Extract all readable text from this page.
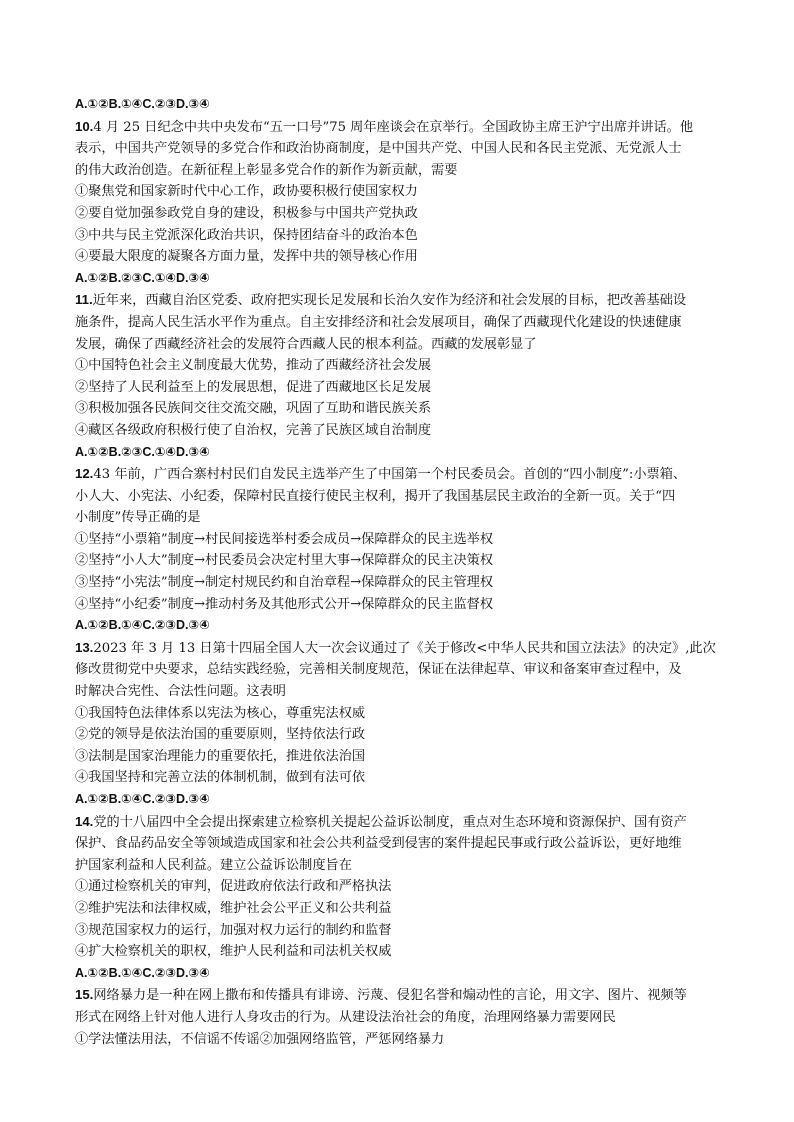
A.①②B.①④C.②③D.③④
10.4 月 25 日纪念中共中央发布“五一口号”75 周年座谈会在京举行。全国政协主席王沪宁出席并讲话。他
表示，中国共产党领导的多党合作和政治协商制度，是中国共产党、中国人民和各民主党派、无党派人士
的伟大政治创造。在新征程上彰显多党合作的新作为新贡献，需要
①聚焦党和国家新时代中心工作，政协要积极行使国家权力
②要自觉加强参政党自身的建设，积极参与中国共产党执政
③中共与民主党派深化政治共识，保持团结奋斗的政治本色
④要最大限度的凝聚各方面力量，发挥中共的领导核心作用
A.①②B.②③C.①④D.③④
11.近年来，西藏自治区党委、政府把实现长足发展和长治久安作为经济和社会发展的目标，把改善基础设
施条件，提高人民生活水平作为重点。自主安排经济和社会发展项目，确保了西藏现代化建设的快速健康
发展，确保了西藏经济社会的发展符合西藏人民的根本利益。西藏的发展彰显了
①中国特色社会主义制度最大优势，推动了西藏经济社会发展
②坚持了人民利益至上的发展思想，促进了西藏地区长足发展
③积极加强各民族间交往交流交融，巩固了互助和谐民族关系
④藏区各级政府积极行使了自治权，完善了民族区域自治制度
A.①②B.②③C.①④D.③④
12.43 年前，广西合寨村村民们自发民主选举产生了中国第一个村民委员会。首创的“四小制度”:小票箱、
小人大、小宪法、小纪委，保障村民直接行使民主权利，揭开了我国基层民主政治的全新一页。关于“四
小制度”传导正确的是
①坚持“小票箱”制度→村民间接选举村委会成员→保障群众的民主选举权
②坚持“小人大”制度→村民委员会决定村里大事→保障群众的民主决策权
③坚持“小宪法”制度→制定村规民约和自治章程→保障群众的民主管理权
④坚持“小纪委”制度→推动村务及其他形式公开→保障群众的民主监督权
A.①②B.①④C.②③D.③④
13.2023 年 3 月 13 日第十四届全国人大一次会议通过了《关于修改<中华人民共和国立法法》的决定》,此次
修改贯彻党中央要求，总结实践经验，完善相关制度规范，保证在法律起草、审议和备案审查过程中，及
时解决合宪性、合法性问题。这表明
①我国特色法律体系以宪法为核心，尊重宪法权威
②党的领导是依法治国的重要原则，坚持依法行政
③法制是国家治理能力的重要依托，推进依法治国
④我国坚持和完善立法的体制机制，做到有法可依
A.①②B.①④C.②③D.③④
14.党的十八届四中全会提出探索建立检察机关提起公益诉讼制度，重点对生态环境和资源保护、国有资产
保护、食品药品安全等领域造成国家和社会公共利益受到侵害的案件提起民事或行政公益诉讼，更好地维
护国家利益和人民利益。建立公益诉讼制度旨在
①通过检察机关的审判，促进政府依法行政和严格执法
②维护宪法和法律权威，维护社会公平正义和公共利益
③规范国家权力的运行，加强对权力运行的制约和监督
④扩大检察机关的职权，维护人民利益和司法机关权威
A.①②B.①④C.②③D.③④
15.网络暴力是一种在网上撒布和传播具有诽谤、污蔑、侵犯名誉和煽动性的言论，用文字、图片、视频等
形式在网络上针对他人进行人身攻击的行为。从建设法治社会的角度，治理网络暴力需要网民
①学法懂法用法，不信谣不传谣②加强网络监管，严惩网络暴力
